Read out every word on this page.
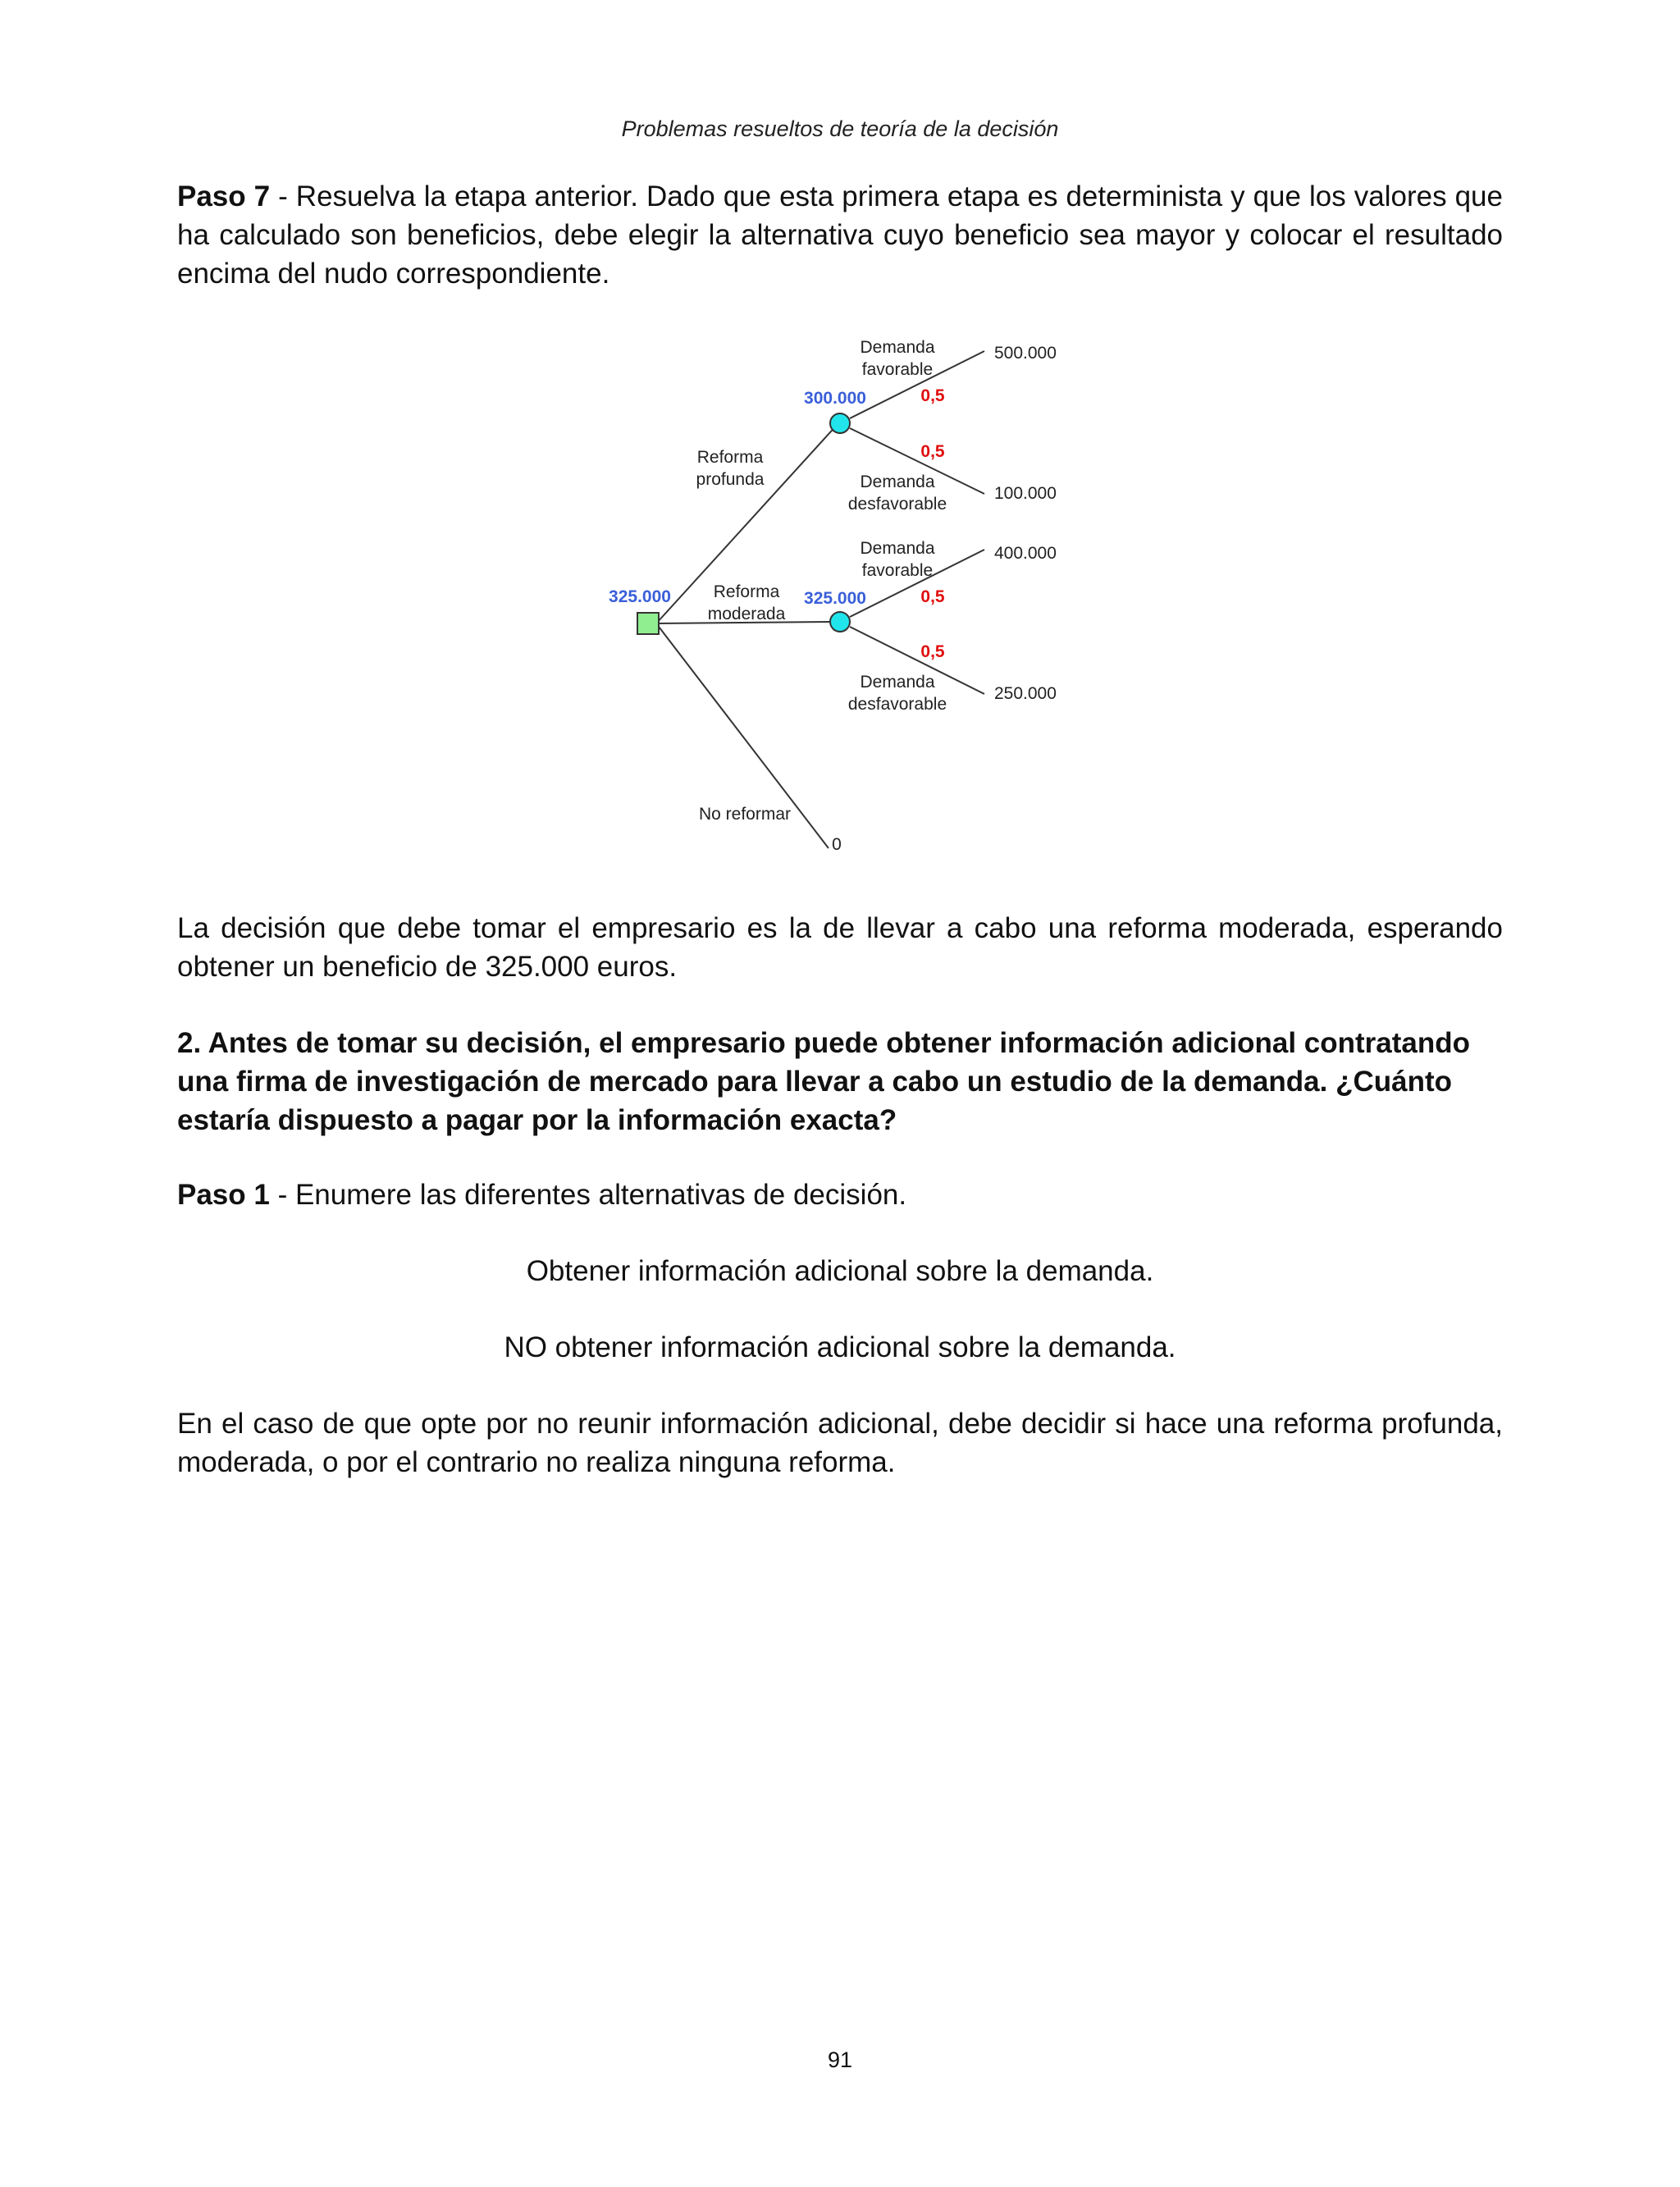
Problemas resueltos de teoría de la decisión
Paso 7 - Resuelva la etapa anterior. Dado que esta primera etapa es determinista y que los valores que ha calculado son beneficios, debe elegir la alternativa cuyo beneficio sea mayor y colocar el resultado encima del nudo correspondiente.
325.000
Reforma
profunda
300.000
Demanda
favorable
0,5
500.000
0,5
Demanda
desfavorable
100.000
Reforma
moderada
325.000
Demanda
favorable
0,5
400.000
0,5
Demanda
desfavorable
250.000
No reformar
0
La decisión que debe tomar el empresario es la de llevar a cabo una reforma moderada, esperando obtener un beneficio de 325.000 euros.
2. Antes de tomar su decisión, el empresario puede obtener información adicional contratando una firma de investigación de mercado para llevar a cabo un estudio de la demanda. ¿Cuánto estaría dispuesto a pagar por la información exacta?
Paso 1 - Enumere las diferentes alternativas de decisión.
Obtener información adicional sobre la demanda.
NO obtener información adicional sobre la demanda.
En el caso de que opte por no reunir información adicional, debe decidir si hace una reforma profunda, moderada, o por el contrario no realiza ninguna reforma.
91
